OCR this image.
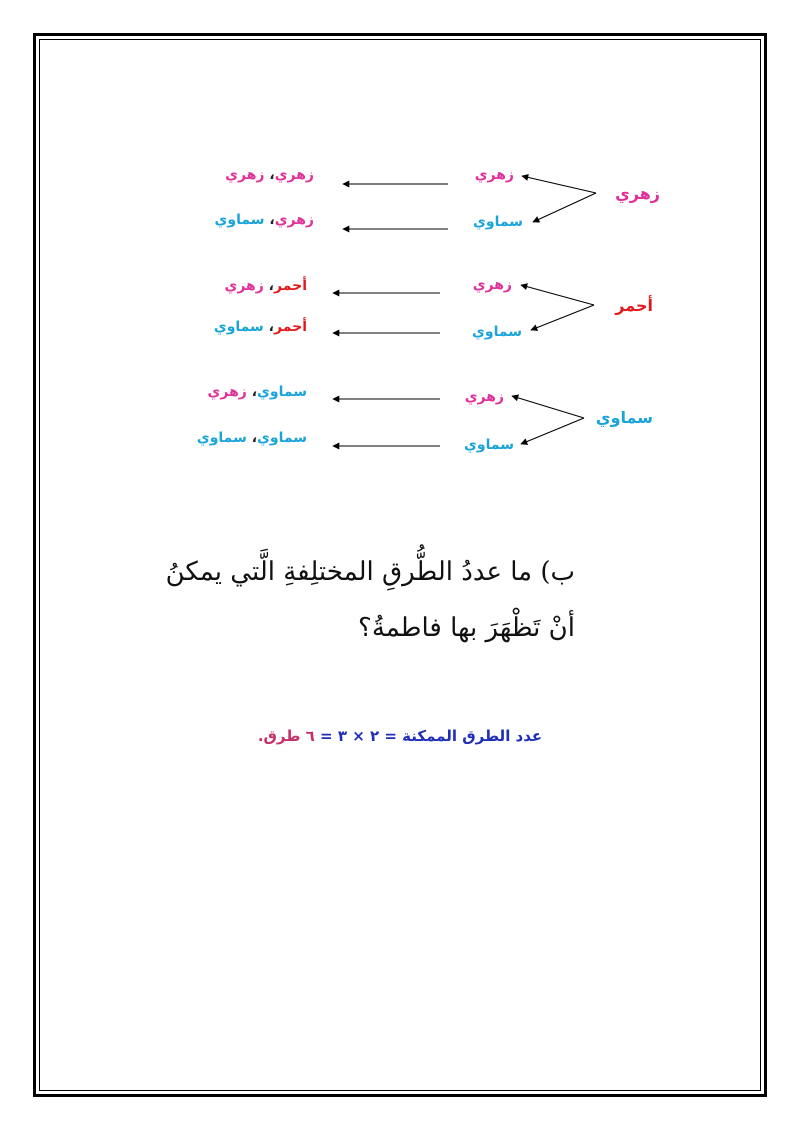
زهري
زهري
سماوي
زهري، زهري
زهري، سماوي
أحمر
زهري
سماوي
أحمر، زهري
أحمر، سماوي
سماوي
زهري
سماوي
سماوي، زهري
سماوي، سماوي
ب) ما عددُ الطُّرقِ المختلِفةِ الَّتي يمكنُ
أنْ تَظْهَرَ بها فاطمةُ؟
عدد الطرق الممكنة = ٢ × ٣ = ٦ طرق.
